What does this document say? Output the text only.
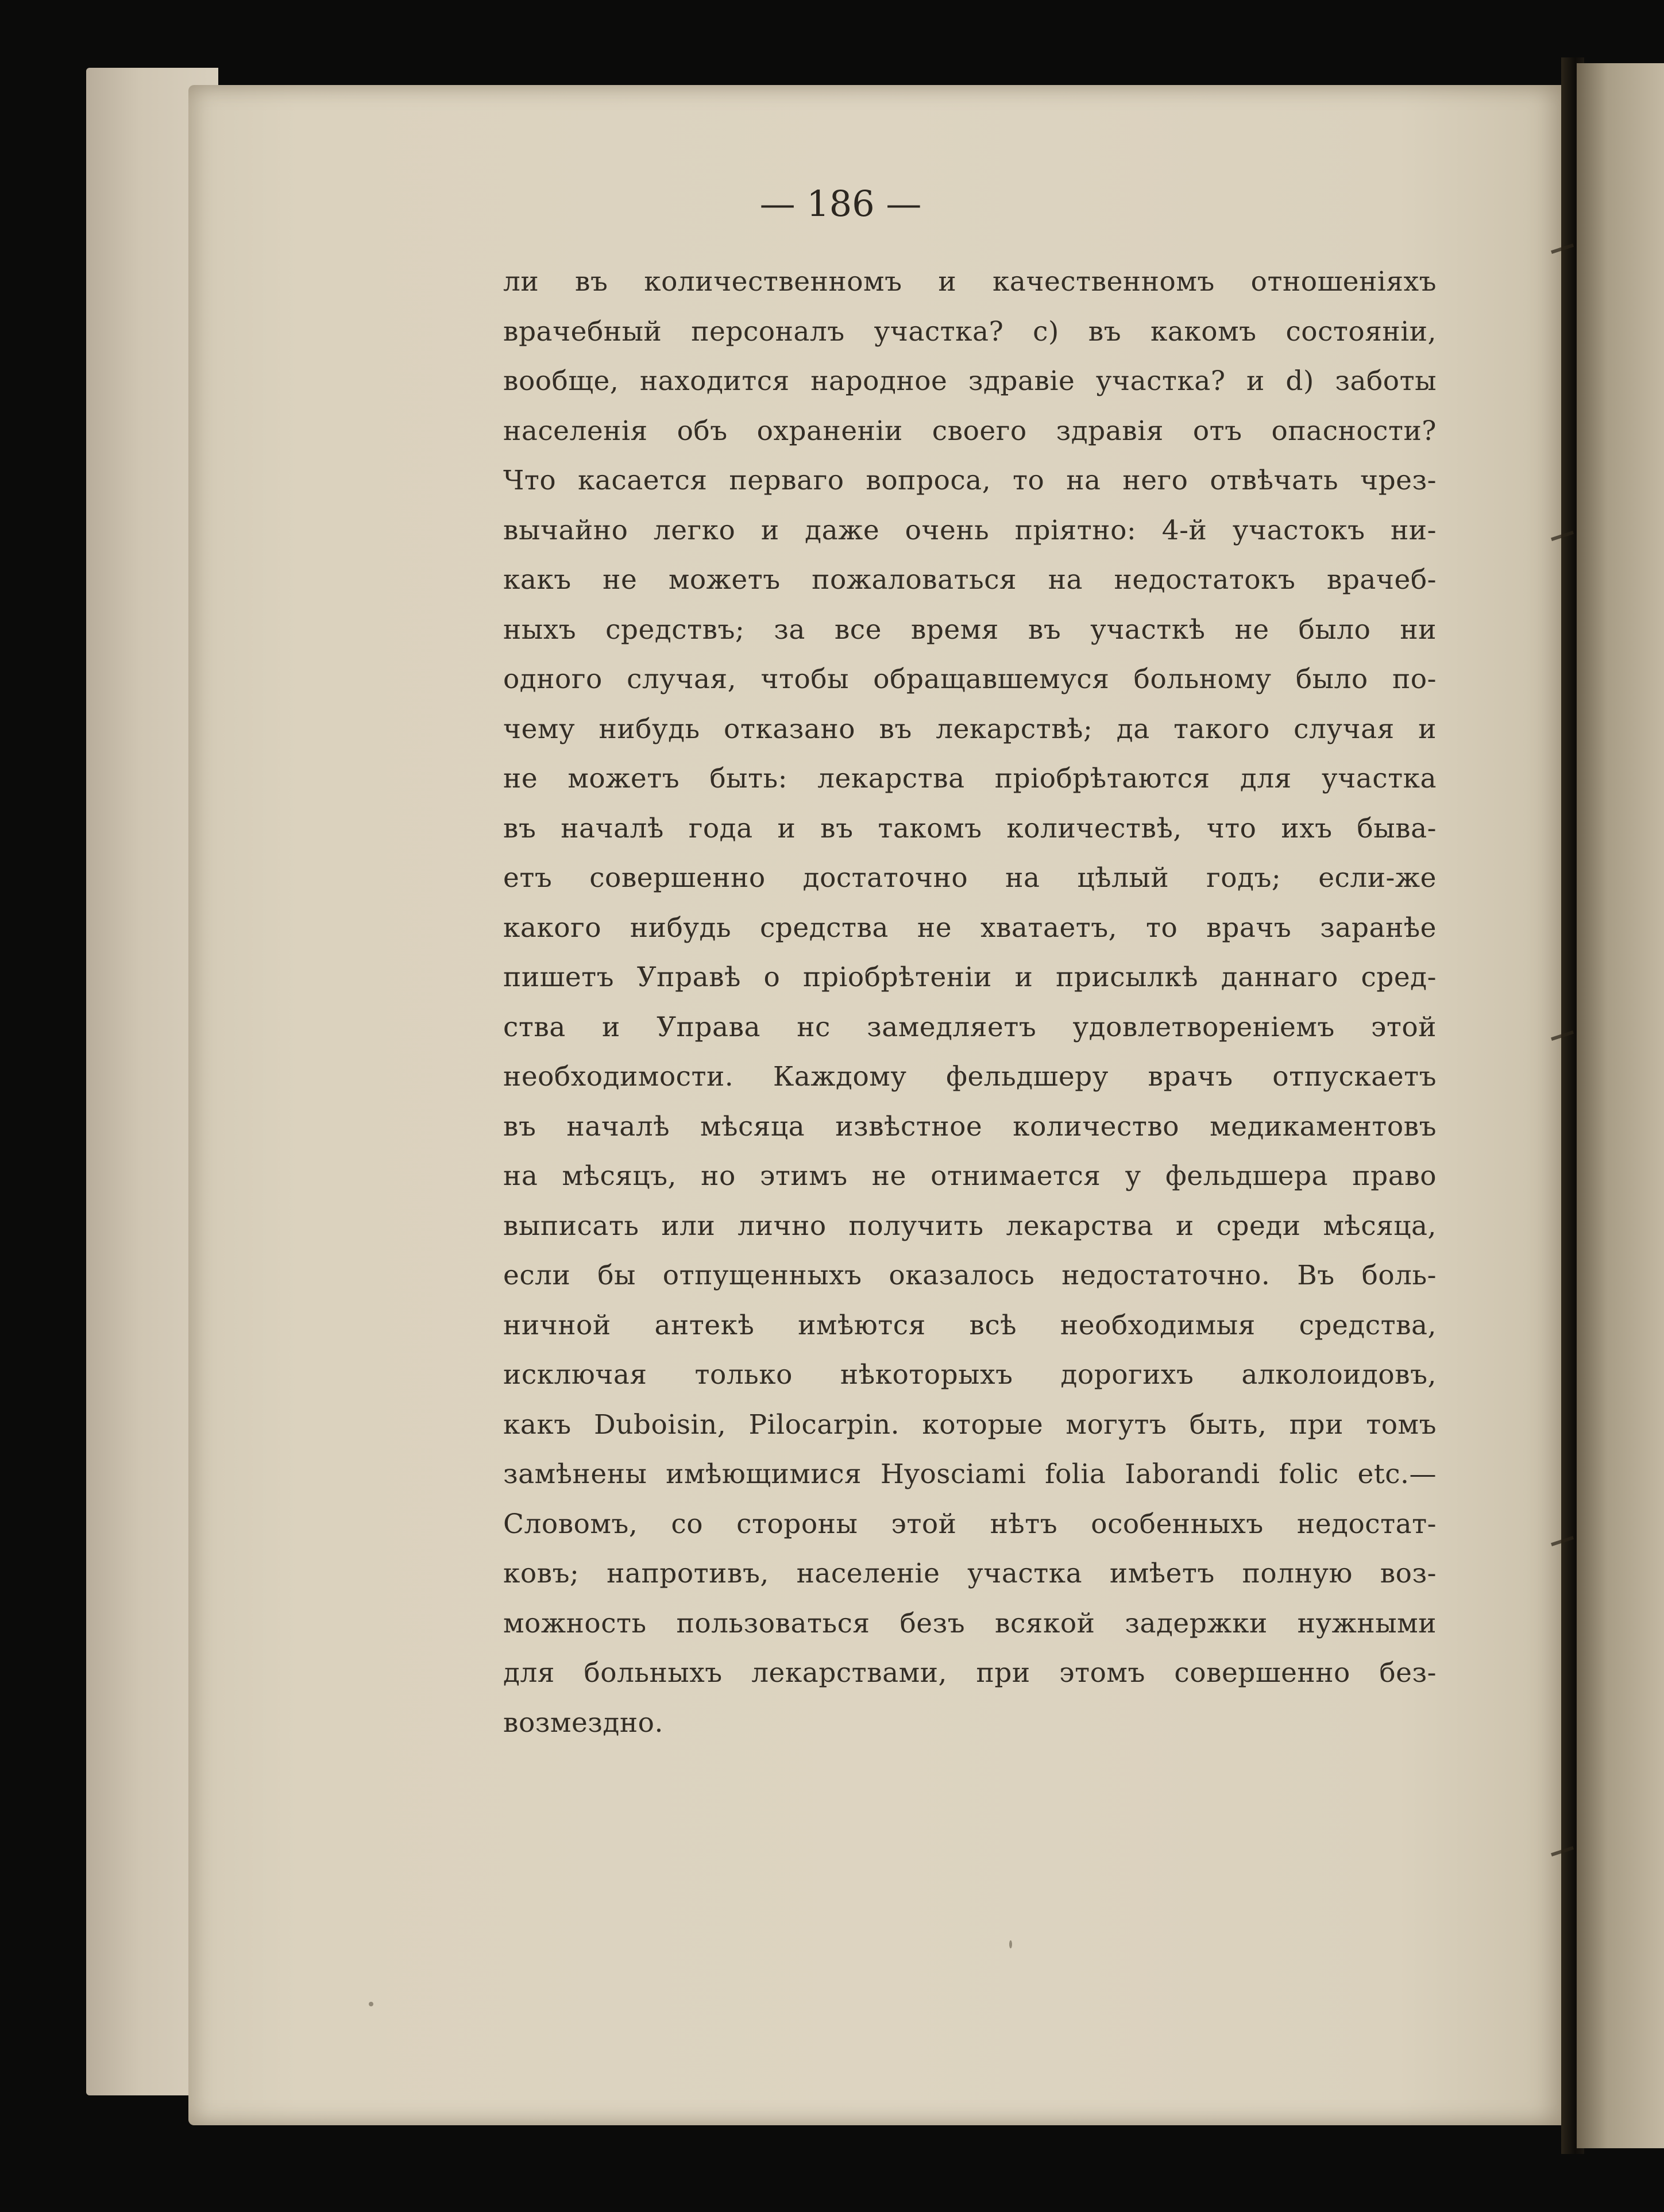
— 186 —
ли въ количественномъ и качественномъ отношеніяхъ
врачебный персоналъ участка? с) въ какомъ состояніи,
вообще, находится народное здравіе участка? и d) заботы
населенія объ охраненіи своего здравія отъ опасности?
Что касается перваго вопроса, то на него отвѣчать чрез-
вычайно легко и даже очень пріятно: 4-й участокъ ни-
какъ не можетъ пожаловаться на недостатокъ врачеб-
ныхъ средствъ; за все время въ участкѣ не было ни
одного случая, чтобы обращавшемуся больному было по-
чему нибудь отказано въ лекарствѣ; да такого случая и
не можетъ быть: лекарства пріобрѣтаются для участка
въ началѣ года и въ такомъ количествѣ, что ихъ быва-
етъ совершенно достаточно на цѣлый годъ; если-же
какого нибудь средства не хватаетъ, то врачъ заранѣе
пишетъ Управѣ о пріобрѣтеніи и присылкѣ даннаго сред-
ства и Управа нс замедляетъ удовлетвореніемъ этой
необходимости. Каждому фельдшеру врачъ отпускаетъ
въ началѣ мѣсяца извѣстное количество медикаментовъ
на мѣсяцъ, но этимъ не отнимается у фельдшера право
выписать или лично получить лекарства и среди мѣсяца,
если бы отпущенныхъ оказалось недостаточно. Въ боль-
ничной антекѣ имѣются всѣ необходимыя средства,
исключая только нѣкоторыхъ дорогихъ алколоидовъ,
какъ Duboisin, Pilocarpin. которые могутъ быть, при томъ
замѣнены имѣющимися Hyosciami folia Iaborandi folic etc.—
Словомъ, со стороны этой нѣтъ особенныхъ недостат-
ковъ; напротивъ, населеніе участка имѣетъ полную воз-
можность пользоваться безъ всякой задержки нужными
для больныхъ лекарствами, при этомъ совершенно без-
возмездно.
